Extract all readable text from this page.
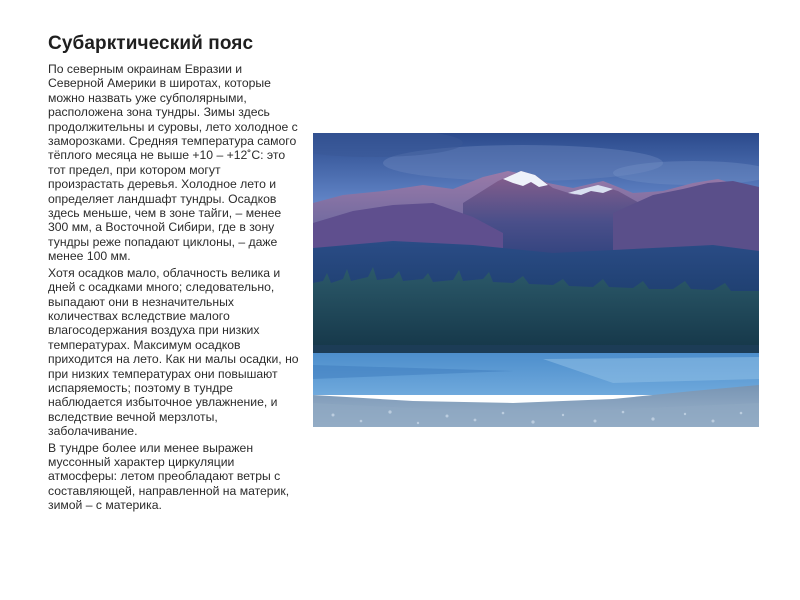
Субарктический пояс

По северным окраинам Евразии и Северной Америки в широтах, которые можно назвать уже субполярными, расположена зона тундры. Зимы здесь продолжительны и суровы, лето холодное с заморозками. Средняя температура самого тёплого месяца не выше +10 – +12˚С: это тот предел, при котором могут произрастать деревья. Холодное лето и определяет ландшафт тундры. Осадков здесь меньше, чем в зоне тайги, – менее 300 мм, а Восточной Сибири, где в зону тундры реже попадают циклоны, – даже менее 100 мм.

Хотя осадков мало, облачность велика и дней с осадками много; следовательно, выпадают они в незначительных количествах вследствие малого влагосодержания воздуха при низких температурах. Максимум осадков приходится на лето. Как ни малы осадки, но при низких температурах они повышают испаряемость; поэтому в тундре наблюдается избыточное увлажнение, и вследствие вечной мерзлоты, заболачивание.

В тундре более или менее выражен муссонный характер циркуляции атмосферы: летом преобладают ветры с составляющей, направленной на материк, зимой – с материка.
